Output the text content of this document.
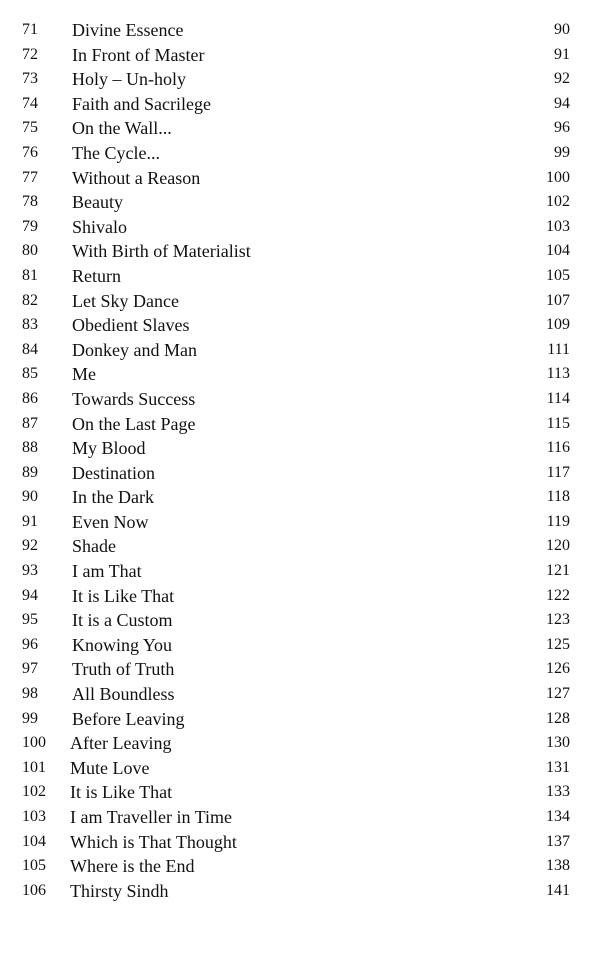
71	Divine Essence	90
72	In Front of Master	91
73	Holy – Un-holy	92
74	Faith and Sacrilege	94
75	On the Wall...	96
76	The Cycle...	99
77	Without a Reason	100
78	Beauty	102
79	Shivalo	103
80	With Birth of Materialist	104
81	Return	105
82	Let Sky Dance	107
83	Obedient Slaves	109
84	Donkey and Man	111
85	Me	113
86	Towards Success	114
87	On the Last Page	115
88	My Blood	116
89	Destination	117
90	In the Dark	118
91	Even Now	119
92	Shade	120
93	I am That	121
94	It is Like That	122
95	It is a Custom	123
96	Knowing You	125
97	Truth of Truth	126
98	All Boundless	127
99	Before Leaving	128
100	After Leaving	130
101	Mute Love	131
102	It is Like That	133
103	I am Traveller in Time	134
104	Which is That Thought	137
105	Where is the End	138
106	Thirsty Sindh	141
